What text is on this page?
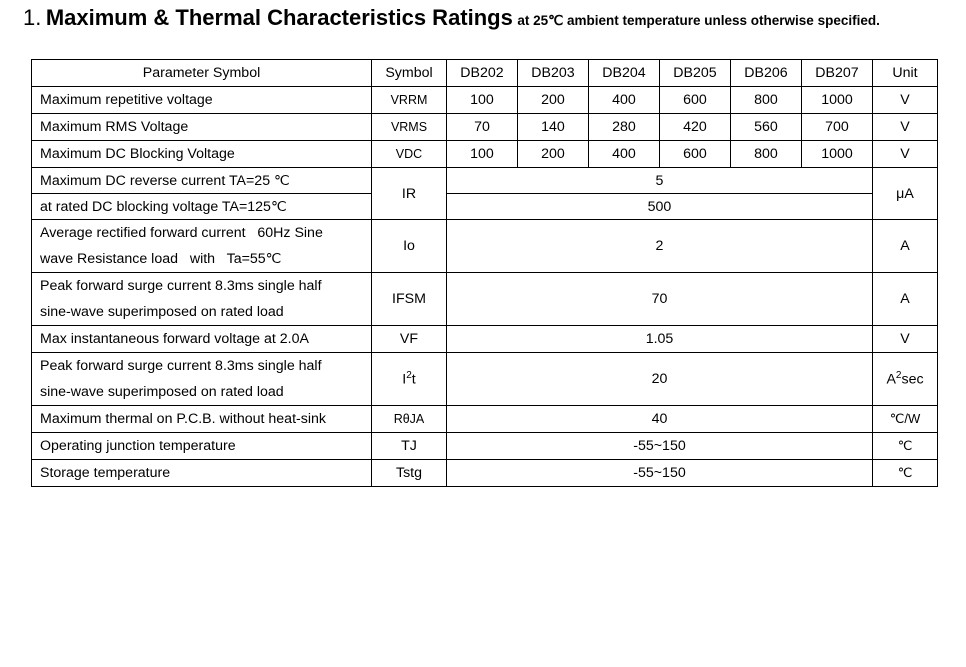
1. Maximum & Thermal Characteristics Ratings at 25℃ ambient temperature unless otherwise specified.
Parameter Symbol	Symbol	DB202	DB203	DB204	DB205	DB206	DB207	Unit
Maximum repetitive voltage	VRRM	100	200	400	600	800	1000	V
Maximum RMS Voltage	VRMS	70	140	280	420	560	700	V
Maximum DC Blocking Voltage	VDC	100	200	400	600	800	1000	V
Maximum DC reverse current TA=25 ℃	IR	5						μA
at rated DC blocking voltage TA=125℃		500						

Average rectified forward current   60Hz Sine
wave Resistance load   with   Ta=55℃	Io	2						A

Peak forward surge current 8.3ms single half
sine-wave superimposed on rated load	IFSM	70						A
Max instantaneous forward voltage at 2.0A	VF	1.05						V

Peak forward surge current 8.3ms single half
sine-wave superimposed on rated load	$I^2t$	20						$A^2\sec$
Maximum thermal on P.C.B. without heat-sink	RθJA	40						℃/W
Operating junction temperature	TJ	-55~150						℃
Storage temperature	Tstg	-55~150						℃
